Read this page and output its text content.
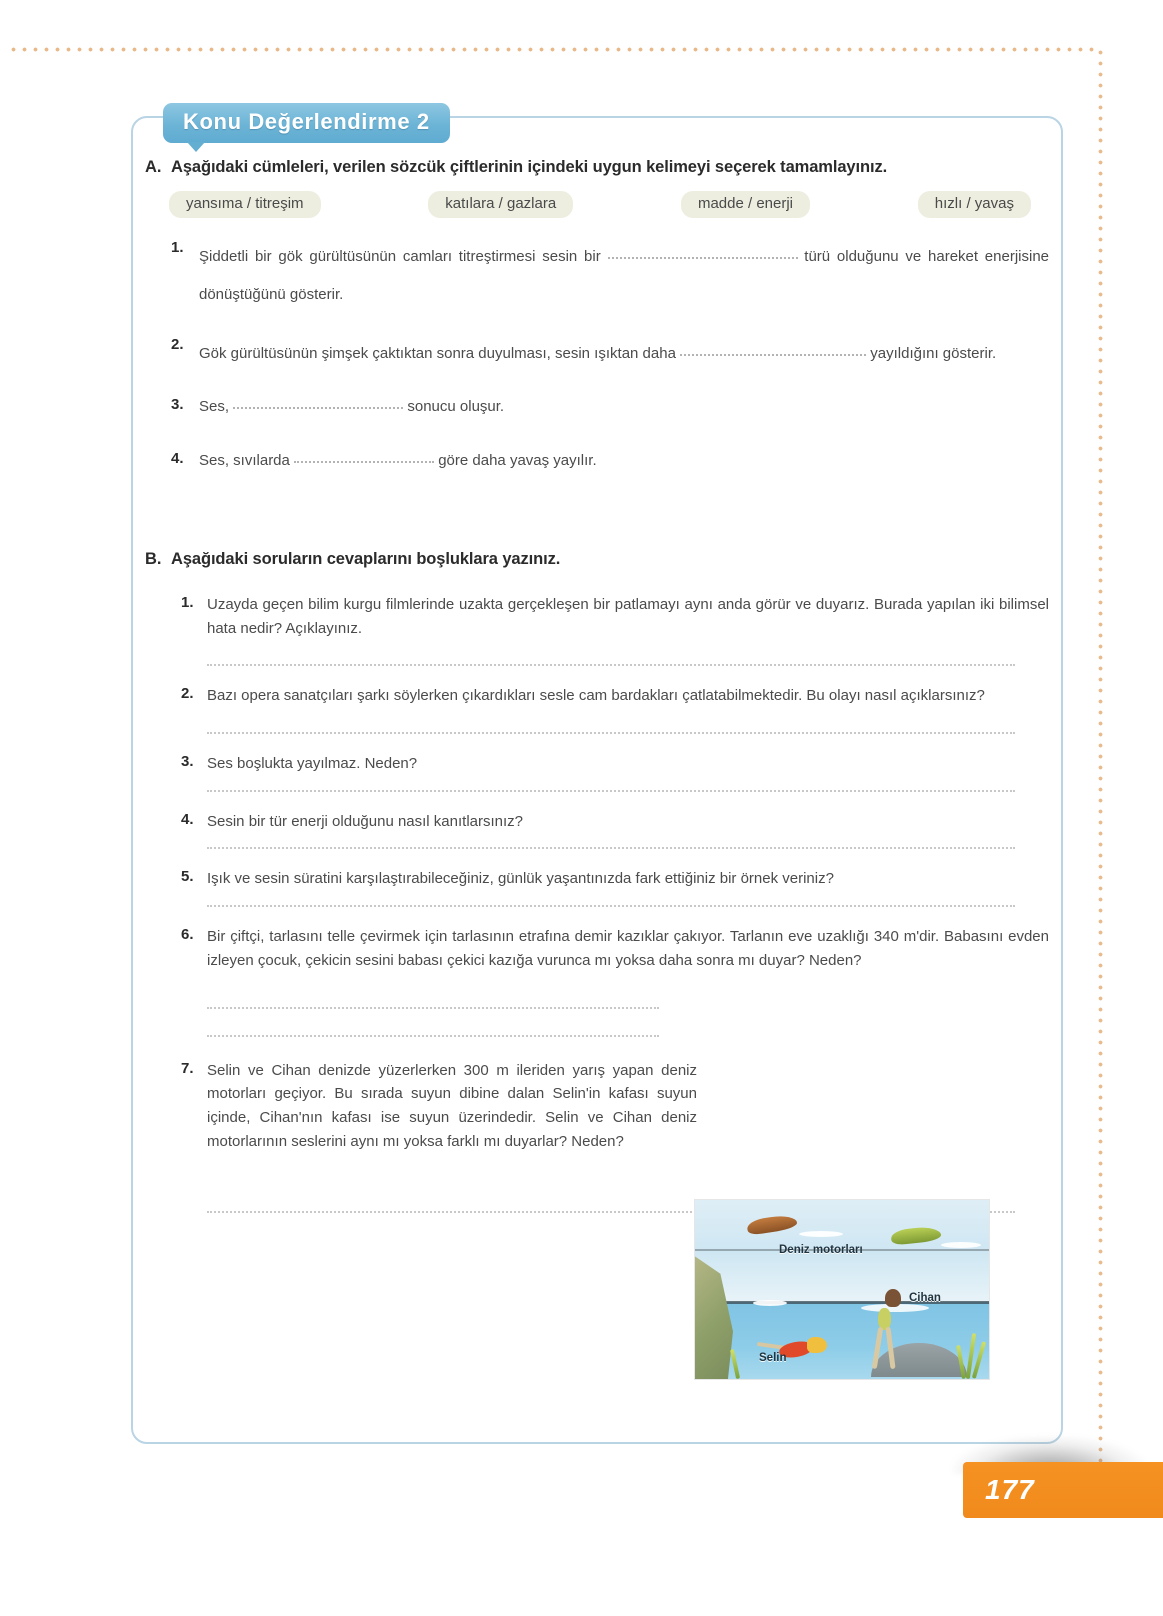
Konu Değerlendirme 2
A. Aşağıdaki cümleleri, verilen sözcük çiftlerinin içindeki uygun kelimeyi seçerek tamamlayınız.
yansıma / titreşim	katılara / gazlara	madde / enerji	hızlı / yavaş
1.
Şiddetli bir gök gürültüsünün camları titreştirmesi sesin bir	türü olduğunu ve hareket enerjisine dönüştüğünü gösterir.
2.
Gök gürültüsünün şimşek çaktıktan sonra duyulması, sesin ışıktan daha	yayıldığını gösterir.
3.	Ses,	sonucu oluşur.
4.	Ses, sıvılarda	göre daha yavaş yayılır.
B. Aşağıdaki soruların cevaplarını boşluklara yazınız.
1. Uzayda geçen bilim kurgu filmlerinde uzakta gerçekleşen bir patlamayı aynı anda görür ve duyarız. Burada yapılan iki bilimsel hata nedir? Açıklayınız.
2. Bazı opera sanatçıları şarkı söylerken çıkardıkları sesle cam bardakları çatlatabilmektedir. Bu olayı nasıl açıklarsınız?
3. Ses boşlukta yayılmaz. Neden?
4. Sesin bir tür enerji olduğunu nasıl kanıtlarsınız?
5. Işık ve sesin süratini karşılaştırabileceğiniz, günlük yaşantınızda fark ettiğiniz bir örnek veriniz?
6. Bir çiftçi, tarlasını telle çevirmek için tarlasının etrafına demir kazıklar çakıyor. Tarlanın eve uzaklığı 340 m'dir. Babasını evden izleyen çocuk, çekicin sesini babası çekici kazığa vurunca mı yoksa daha sonra mı duyar? Neden?
7. Selin ve Cihan denizde yüzerlerken 300 m ileriden yarış yapan deniz motorları geçiyor. Bu sırada suyun dibine dalan Selin'in kafası suyun içinde, Cihan'nın kafası ise suyun üzerindedir. Selin ve Cihan deniz motorlarının seslerini aynı mı yoksa farklı mı duyarlar? Neden?
Deniz motorları
Cihan
Selin
177
